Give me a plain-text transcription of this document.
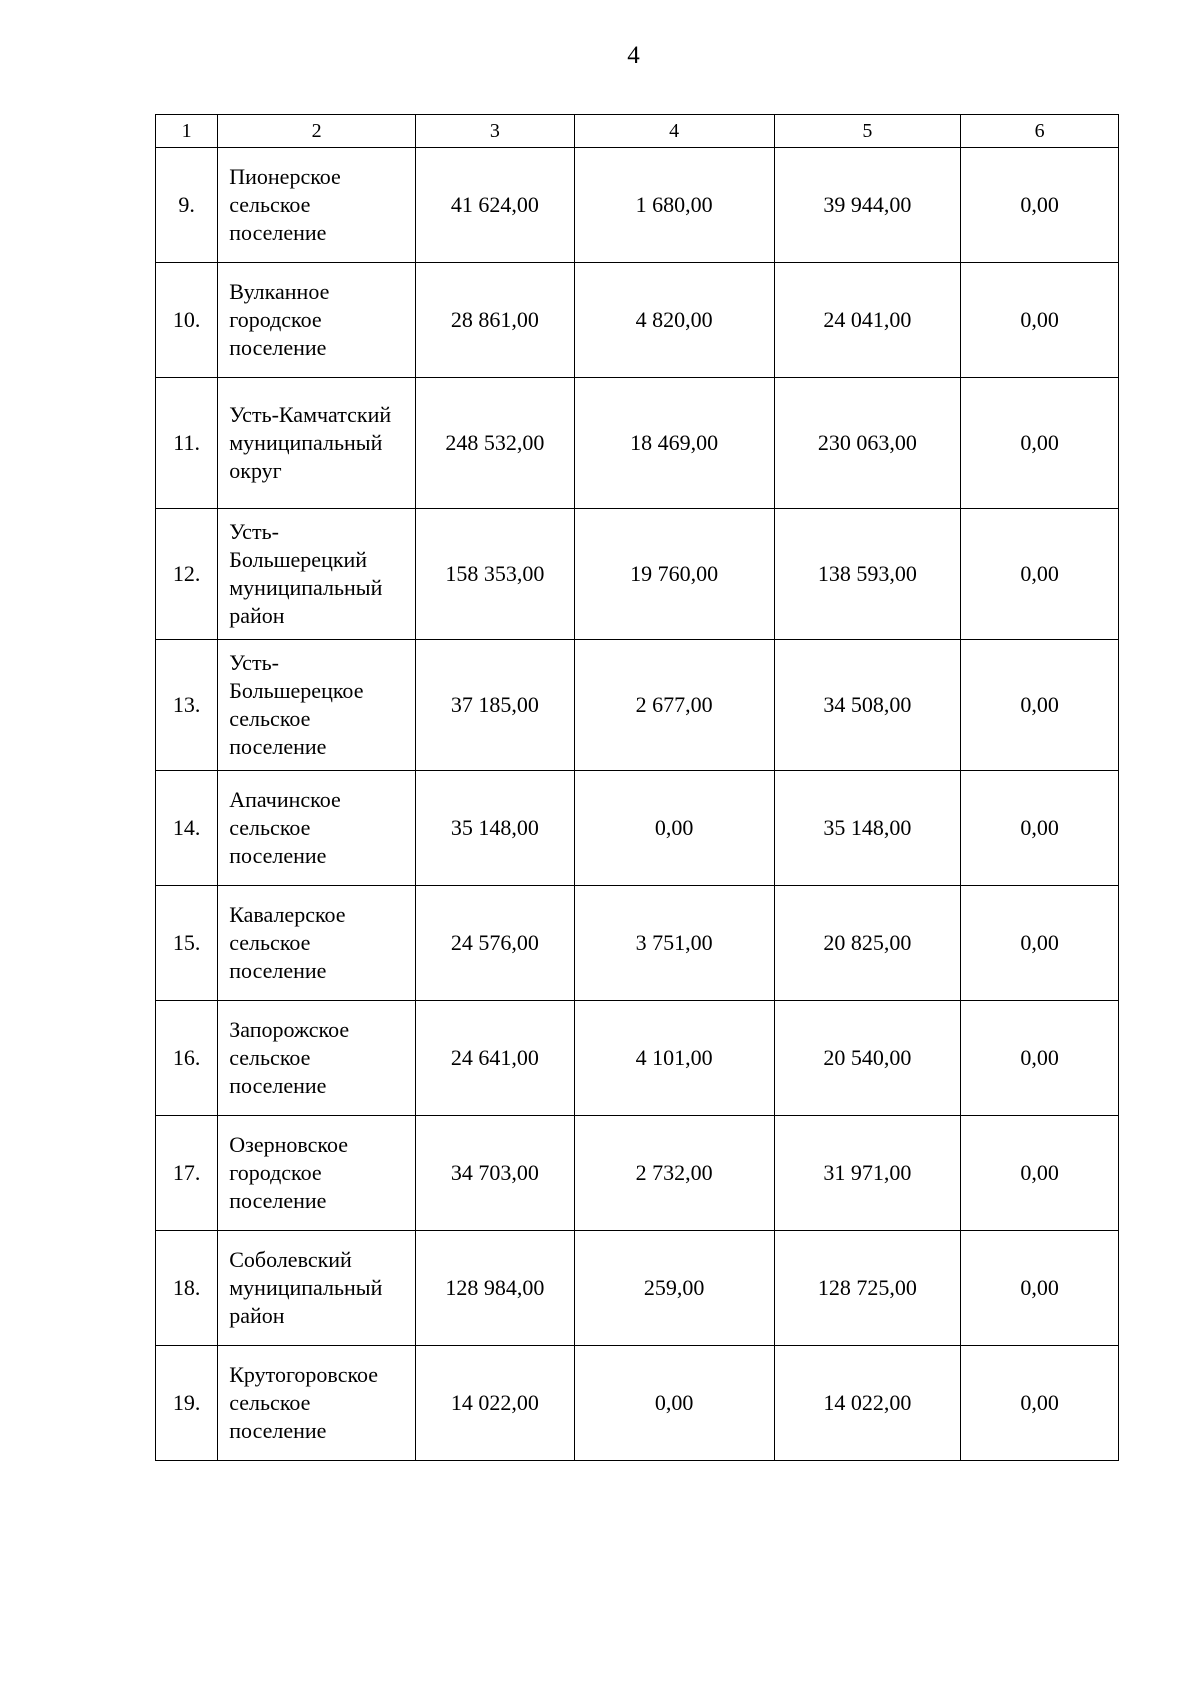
4
1	2	3	4	5	6
9.	Пионерское сельское поселение	41 624,00	1 680,00	39 944,00	0,00
10.	Вулканное городское поселение	28 861,00	4 820,00	24 041,00	0,00
11.	Усть-Камчатский муниципальный округ	248 532,00	18 469,00	230 063,00	0,00
12.	Усть-Большерецкий муниципальный район	158 353,00	19 760,00	138 593,00	0,00
13.	Усть-Большерецкое сельское поселение	37 185,00	2 677,00	34 508,00	0,00
14.	Апачинское сельское поселение	35 148,00	0,00	35 148,00	0,00
15.	Кавалерское сельское поселение	24 576,00	3 751,00	20 825,00	0,00
16.	Запорожское сельское поселение	24 641,00	4 101,00	20 540,00	0,00
17.	Озерновское городское поселение	34 703,00	2 732,00	31 971,00	0,00
18.	Соболевский муниципальный район	128 984,00	259,00	128 725,00	0,00
19.	Крутогоровское сельское поселение	14 022,00	0,00	14 022,00	0,00
